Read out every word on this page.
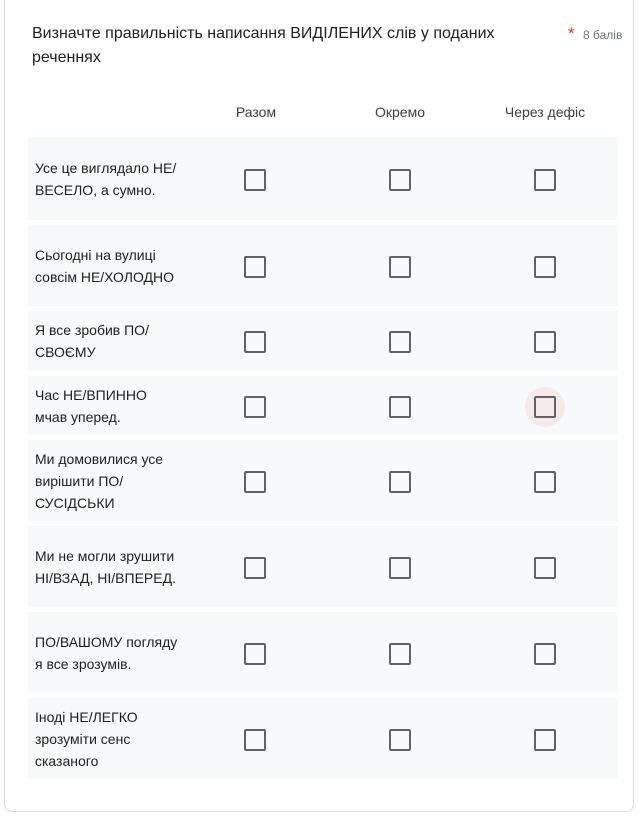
Визначте правильність написання ВИДІЛЕНИХ слів у поданих реченнях
* 8 балів
Разом	Окремо	Через дефіс
Усе це виглядало НЕ/ВЕСЕЛО, а сумно.
Сьогодні на вулиці совсім НЕ/ХОЛОДНО
Я все зробив ПО/СВОЄМУ
Час НЕ/ВПИННО мчав уперед.
Ми домовилися усе вирішити ПО/СУСІДСЬКИ
Ми не могли зрушити НІ/ВЗАД, НІ/ВПЕРЕД.
ПО/ВАШОМУ погляду я все зрозумів.
Іноді НЕ/ЛЕГКО зрозуміти сенс сказаного
